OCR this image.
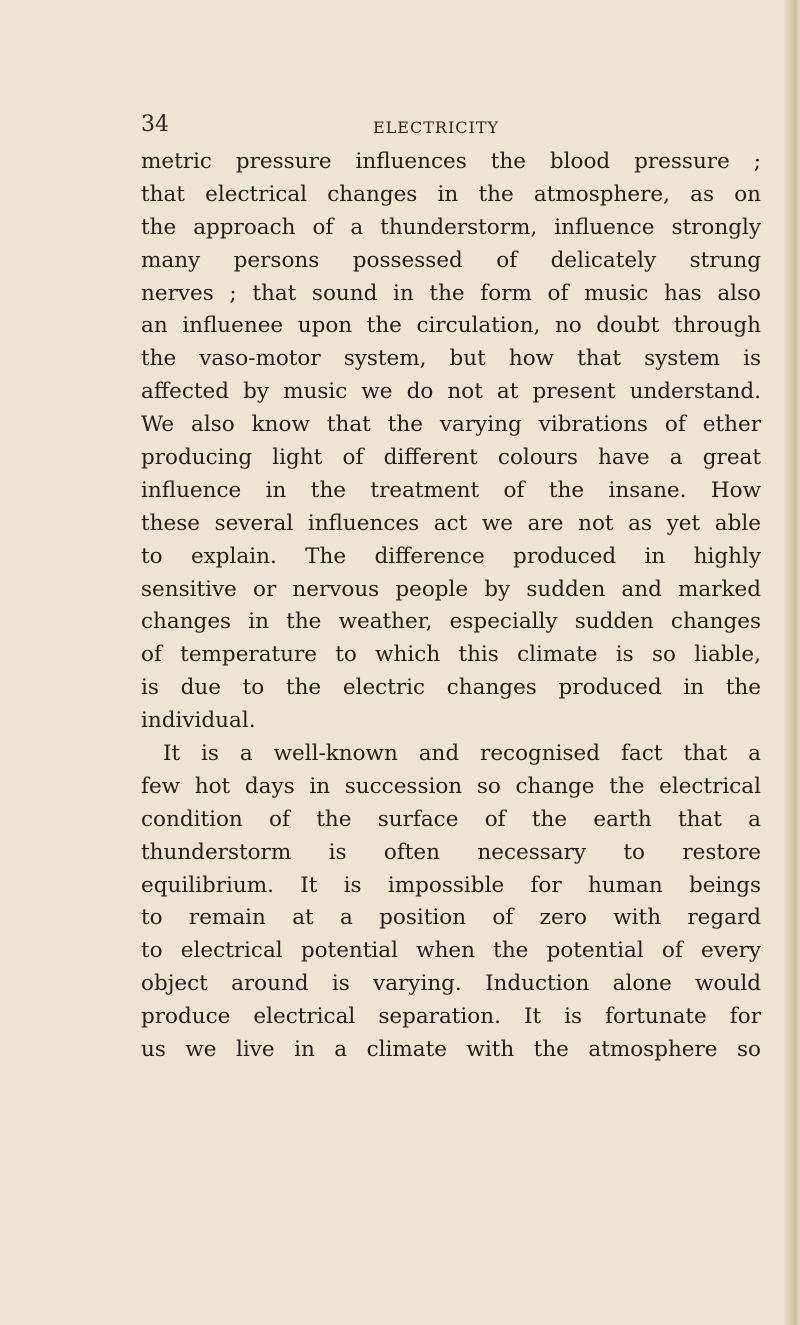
34	ELECTRICITY
metric pressure influences the blood pressure ;
that electrical changes in the atmosphere, as on
the approach of a thunderstorm, influence strongly
many persons possessed of delicately strung
nerves ; that sound in the form of music has also
an influenee upon the circulation, no doubt through
the vaso-motor system, but how that system is
affected by music we do not at present understand.
We also know that the varying vibrations of ether
producing light of different colours have a great
influence in the treatment of the insane. How
these several influences act we are not as yet able
to explain. The difference produced in highly
sensitive or nervous people by sudden and marked
changes in the weather, especially sudden changes
of temperature to which this climate is so liable,
is due to the electric changes produced in the
individual.
It is a well-known and recognised fact that a
few hot days in succession so change the electrical
condition of the surface of the earth that a
thunderstorm is often necessary to restore
equilibrium. It is impossible for human beings
to remain at a position of zero with regard
to electrical potential when the potential of every
object around is varying. Induction alone would
produce electrical separation. It is fortunate for
us we live in a climate with the atmosphere so
